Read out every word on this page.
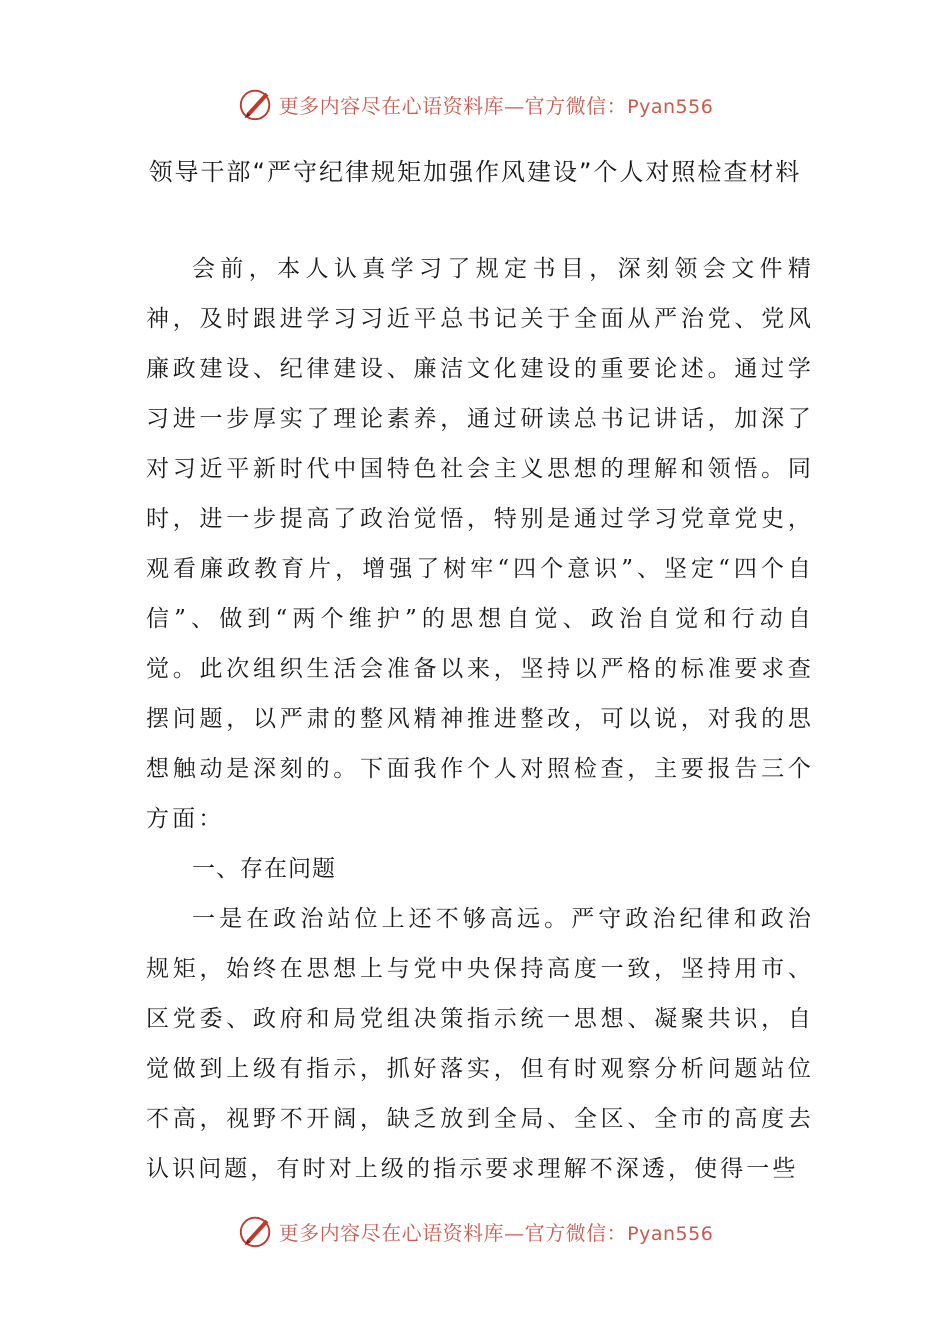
更多内容尽在心语资料库—官方微信：Pyan556
领导干部“严守纪律规矩加强作风建设”个人对照检查材料

会前，本人认真学习了规定书目，深刻领会文件精神，及时跟进学习习近平总书记关于全面从严治党、党风廉政建设、纪律建设、廉洁文化建设的重要论述。通过学习进一步厚实了理论素养，通过研读总书记讲话，加深了对习近平新时代中国特色社会主义思想的理解和领悟。同时，进一步提高了政治觉悟，特别是通过学习党章党史，观看廉政教育片，增强了树牢“四个意识”、坚定“四个自信”、做到“两个维护”的思想自觉、政治自觉和行动自觉。此次组织生活会准备以来，坚持以严格的标准要求查摆问题，以严肃的整风精神推进整改，可以说，对我的思想触动是深刻的。下面我作个人对照检查，主要报告三个方面：

一、存在问题

一是在政治站位上还不够高远。严守政治纪律和政治规矩，始终在思想上与党中央保持高度一致，坚持用市、区党委、政府和局党组决策指示统一思想、凝聚共识，自觉做到上级有指示，抓好落实，但有时观察分析问题站位不高，视野不开阔，缺乏放到全局、全区、全市的高度去认识问题，有时对上级的指示要求理解不深透，使得一些

更多内容尽在心语资料库—官方微信：Pyan556
